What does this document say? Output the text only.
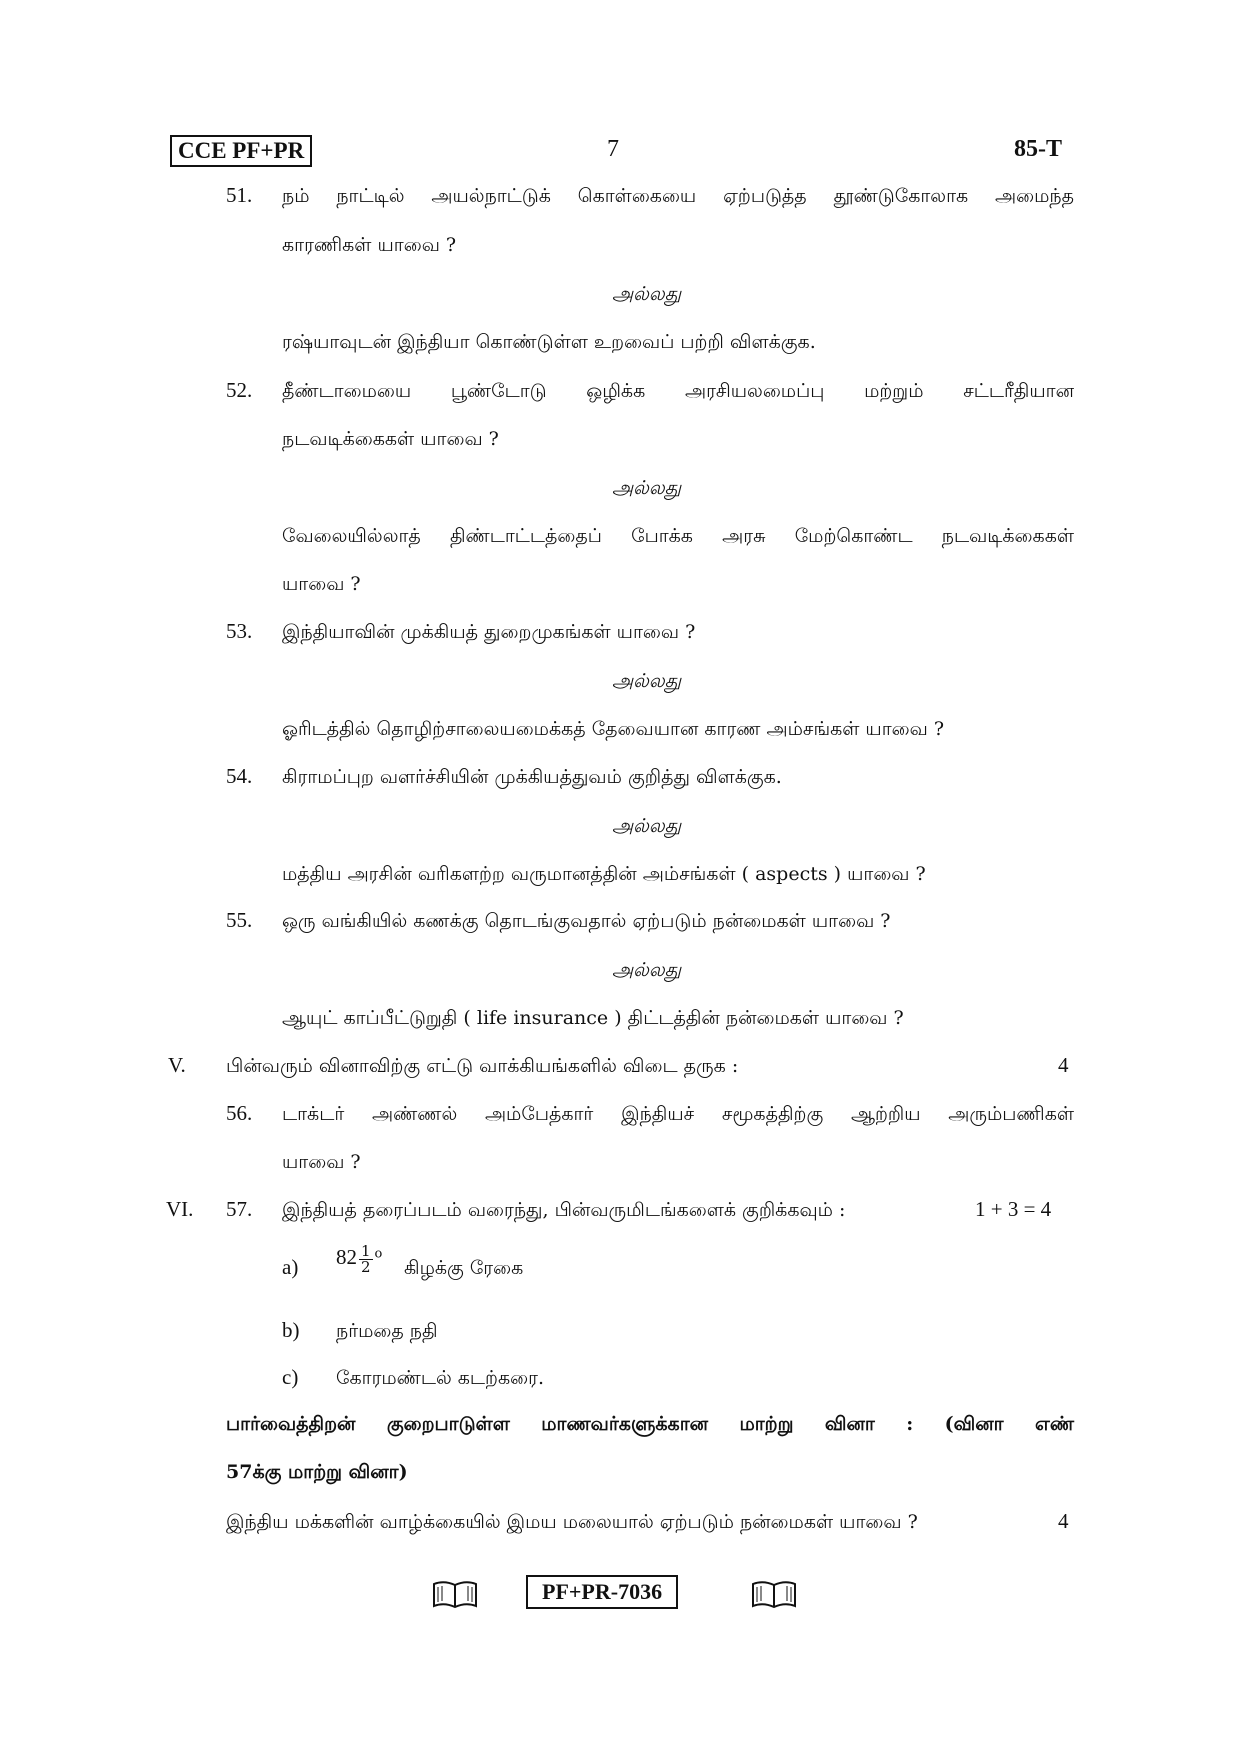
CCE PF+PR	7	85-T
51. நம் நாட்டில் அயல்நாட்டுக் கொள்கையை ஏற்படுத்த தூண்டுகோலாக அமைந்த
காரணிகள் யாவை ?
அல்லது
ரஷ்யாவுடன் இந்தியா கொண்டுள்ள உறவைப் பற்றி விளக்குக.
52. தீண்டாமையை பூண்டோடு ஒழிக்க அரசியலமைப்பு மற்றும் சட்டரீதியான
நடவடிக்கைகள் யாவை ?
அல்லது
வேலையில்லாத் திண்டாட்டத்தைப் போக்க அரசு மேற்கொண்ட நடவடிக்கைகள்
யாவை ?
53. இந்தியாவின் முக்கியத் துறைமுகங்கள் யாவை ?
அல்லது
ஓரிடத்தில் தொழிற்சாலையமைக்கத் தேவையான காரண அம்சங்கள் யாவை ?
54. கிராமப்புற வளர்ச்சியின் முக்கியத்துவம் குறித்து விளக்குக.
அல்லது
மத்திய அரசின் வரிகளற்ற வருமானத்தின் அம்சங்கள் ( aspects ) யாவை ?
55. ஒரு வங்கியில் கணக்கு தொடங்குவதால் ஏற்படும் நன்மைகள் யாவை ?
அல்லது
ஆயுட் காப்பீட்டுறுதி ( life insurance ) திட்டத்தின் நன்மைகள் யாவை ?
V. பின்வரும் வினாவிற்கு எட்டு வாக்கியங்களில் விடை தருக :	4
56. டாக்டர் அண்ணல் அம்பேத்கார் இந்தியச் சமூகத்திற்கு ஆற்றிய அரும்பணிகள்
யாவை ?
VI. 57. இந்தியத் தரைப்படம் வரைந்து, பின்வருமிடங்களைக் குறிக்கவும் :	1 + 3 = 4
a) $82 \frac{1}{2} ^o$
கிழக்கு ரேகை
b) நர்மதை நதி
c) கோரமண்டல் கடற்கரை.
பார்வைத்திறன் குறைபாடுள்ள மாணவர்களுக்கான மாற்று வினா : (வினா எண்
57க்கு மாற்று வினா)
இந்திய மக்களின் வாழ்க்கையில் இமய மலையால் ஏற்படும் நன்மைகள் யாவை ?	4
PF+PR-7036
